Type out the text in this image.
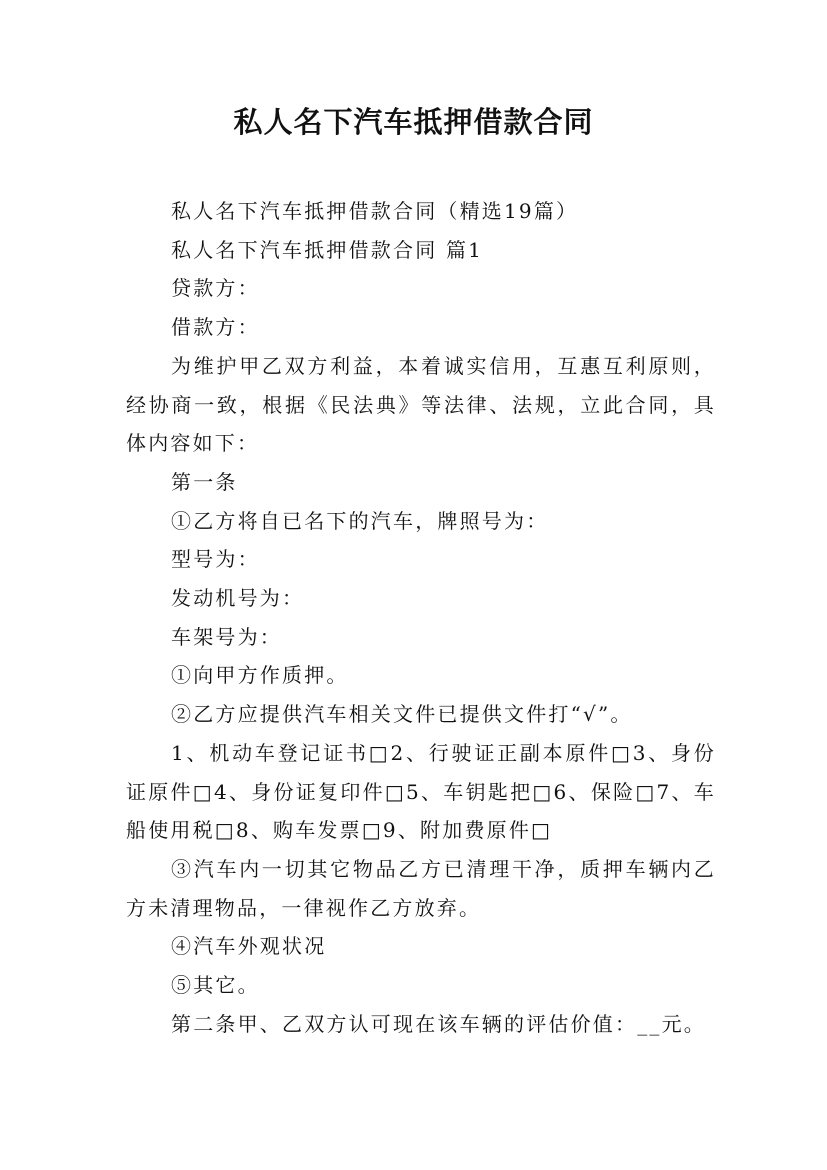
私人名下汽车抵押借款合同

私人名下汽车抵押借款合同（精选19篇）

私人名下汽车抵押借款合同 篇1

贷款方：

借款方：

为维护甲乙双方利益，本着诚实信用，互惠互利原则，经协商一致，根据《民法典》等法律、法规，立此合同，具体内容如下：

第一条

①乙方将自已名下的汽车，牌照号为：

型号为：

发动机号为：

车架号为：

①向甲方作质押。

②乙方应提供汽车相关文件已提供文件打“√”。

1、机动车登记证书□2、行驶证正副本原件□3、身份证原件□4、身份证复印件□5、车钥匙把□6、保险□7、车船使用税□8、购车发票□9、附加费原件□

③汽车内一切其它物品乙方已清理干净，质押车辆内乙方未清理物品，一律视作乙方放弃。

④汽车外观状况

⑤其它。

第二条甲、乙双方认可现在该车辆的评估价值：__元。
